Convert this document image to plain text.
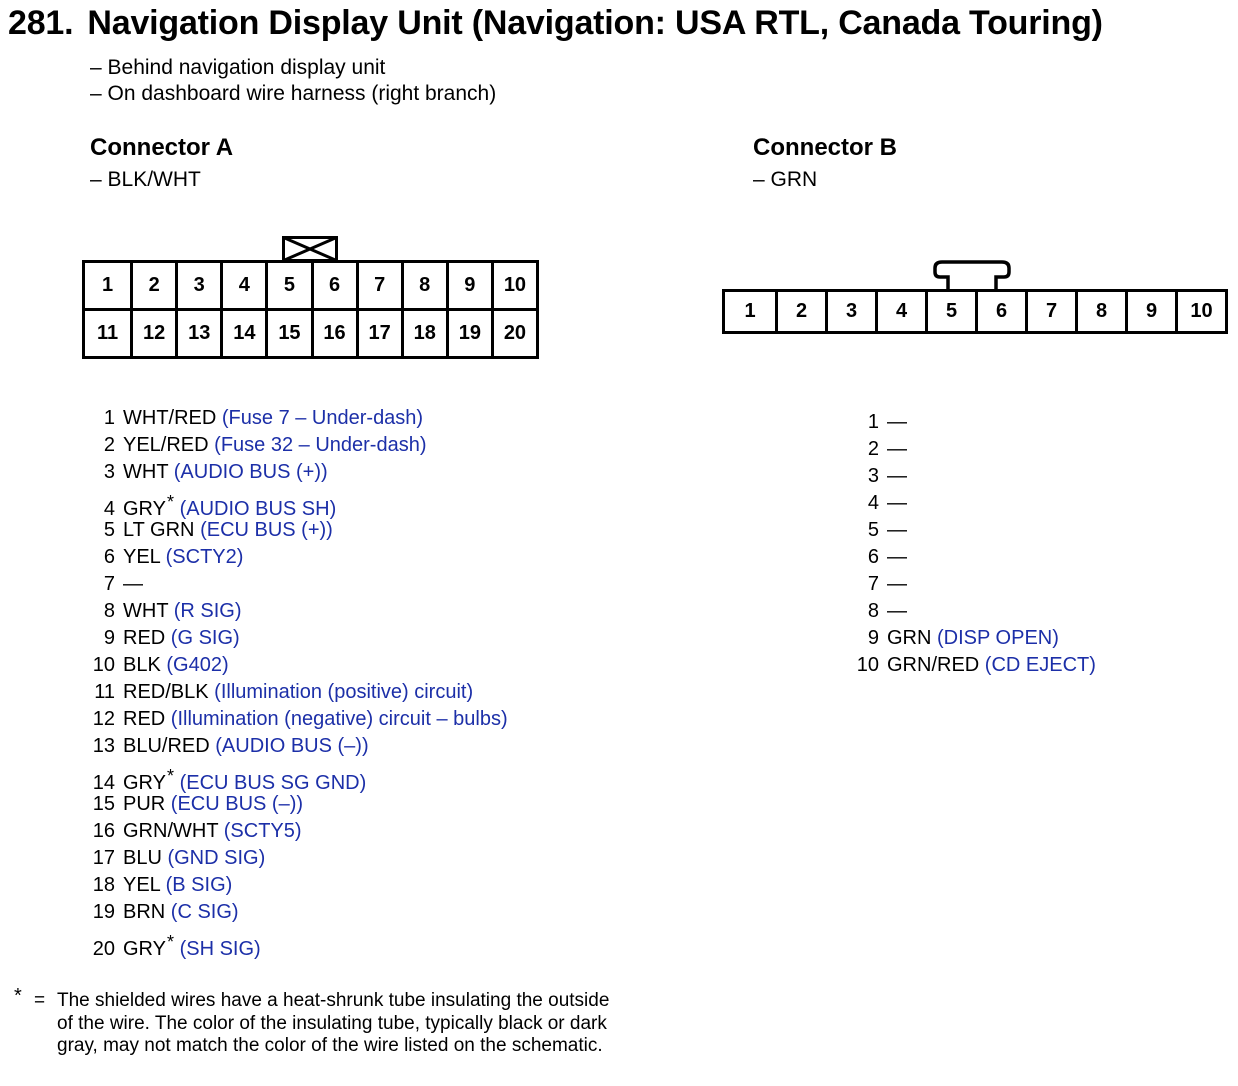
281. Navigation Display Unit (Navigation: USA RTL, Canada Touring)
– Behind navigation display unit
– On dashboard wire harness (right branch)
Connector A
– BLK/WHT
1	2	3	4	5	6	7	8	9	10
11	12	13	14	15	16	17	18	19	20
Connector B
– GRN
1	2	3	4	5	6	7	8	9	10
1 WHT/RED (Fuse 7 – Under-dash)
2 YEL/RED (Fuse 32 – Under-dash)
3 WHT (AUDIO BUS (+))
4 GRY* (AUDIO BUS SH)
5 LT GRN (ECU BUS (+))
6 YEL (SCTY2)
7 —
8 WHT (R SIG)
9 RED (G SIG)
10 BLK (G402)
11 RED/BLK (Illumination (positive) circuit)
12 RED (Illumination (negative) circuit – bulbs)
13 BLU/RED (AUDIO BUS (–))
14 GRY* (ECU BUS SG GND)
15 PUR (ECU BUS (–))
16 GRN/WHT (SCTY5)
17 BLU (GND SIG)
18 YEL (B SIG)
19 BRN (C SIG)
20 GRY* (SH SIG)
1 —
2 —
3 —
4 —
5 —
6 —
7 —
8 —
9 GRN (DISP OPEN)
10 GRN/RED (CD EJECT)
* = The shielded wires have a heat-shrunk tube insulating the outside of the wire. The color of the insulating tube, typically black or dark gray, may not match the color of the wire listed on the schematic.
